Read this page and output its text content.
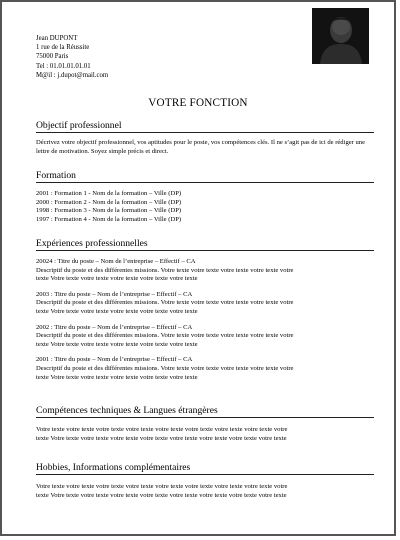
Jean DUPONT
1 rue de la Réussite
75000 Paris
Tel : 01.01.01.01.01
M@il : j.dupot@mail.com
VOTRE FONCTION
Objectif professionnel
Décrivez votre objectif professionnel, vos aptitudes pour le poste, vos compétences clés. Il ne s’agit pas de ici de rédiger une lettre de motivation. Soyez simple précis et direct.
Formation
2001 : Formation 1 - Nom de la formation – Ville (DP)
2000 : Formation 2 - Nom de la formation – Ville (DP)
1998 : Formation 3 - Nom de la formation – Ville (DP)
1997 : Formation 4 - Nom de la formation – Ville (DP)
Expériences professionnelles
20024 : Titre du poste – Nom de l’entreprise – Effectif – CA
Descriptif du poste et des différentes missions. Votre texte votre texte votre texte votre texte votre
texte Votre texte votre texte votre texte votre texte votre texte
2003 : Titre du poste – Nom de l’entreprise – Effectif – CA
Descriptif du poste et des différentes missions. Votre texte votre texte votre texte votre texte votre
texte Votre texte votre texte votre texte votre texte votre texte
2002 : Titre du poste – Nom de l’entreprise – Effectif – CA
Descriptif du poste et des différentes missions. Votre texte votre texte votre texte votre texte votre
texte Votre texte votre texte votre texte votre texte votre texte
2001 : Titre du poste – Nom de l’entreprise – Effectif – CA
Descriptif du poste et des différentes missions. Votre texte votre texte votre texte votre texte votre
texte Votre texte votre texte votre texte votre texte votre texte
Compétences techniques & Langues étrangères
Votre texte votre texte votre texte votre texte votre texte votre texte votre texte votre texte votre
texte Votre texte votre texte votre texte votre texte votre texte votre texte votre texte votre texte
Hobbies, Informations complémentaires
Votre texte votre texte votre texte votre texte votre texte votre texte votre texte votre texte votre
texte Votre texte votre texte votre texte votre texte votre texte votre texte votre texte votre texte
